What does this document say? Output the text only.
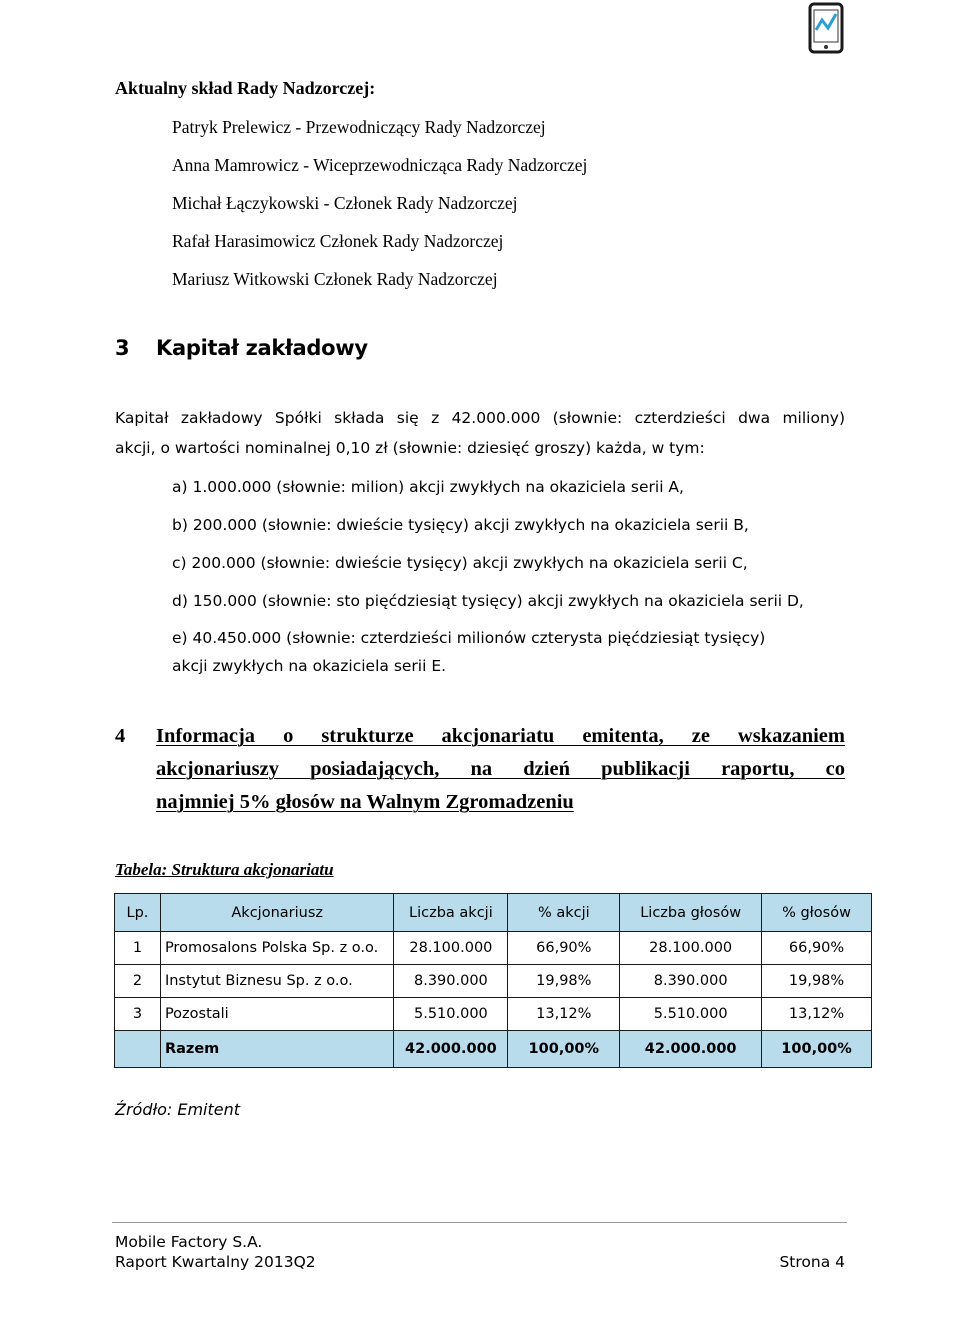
Aktualny skład Rady Nadzorczej:
Patryk Prelewicz - Przewodniczący Rady Nadzorczej
Anna Mamrowicz - Wiceprzewodnicząca Rady Nadzorczej
Michał Łączykowski - Członek Rady Nadzorczej
Rafał Harasimowicz Członek Rady Nadzorczej
Mariusz Witkowski Członek Rady Nadzorczej
3 Kapitał zakładowy
Kapitał zakładowy Spółki składa się z 42.000.000 (słownie: czterdzieści dwa miliony)
akcji, o wartości nominalnej 0,10 zł (słownie: dziesięć groszy) każda, w tym:
a) 1.000.000 (słownie: milion) akcji zwykłych na okaziciela serii A,
b) 200.000 (słownie: dwieście tysięcy) akcji zwykłych na okaziciela serii B,
c) 200.000 (słownie: dwieście tysięcy) akcji zwykłych na okaziciela serii C,
d) 150.000 (słownie: sto pięćdziesiąt tysięcy) akcji zwykłych na okaziciela serii D,
e) 40.450.000 (słownie: czterdzieści milionów czterysta pięćdziesiąt tysięcy)
akcji zwykłych na okaziciela serii E.
4 Informacja o strukturze akcjonariatu emitenta, ze wskazaniem
akcjonariuszy posiadających, na dzień publikacji raportu, co
najmniej 5% głosów na Walnym Zgromadzeniu
Tabela: Struktura akcjonariatu
Lp.	Akcjonariusz	Liczba akcji	% akcji	Liczba głosów	% głosów
1	Promosalons Polska Sp. z o.o.	28.100.000	66,90%	28.100.000	66,90%
2	Instytut Biznesu Sp. z o.o.	8.390.000	19,98%	8.390.000	19,98%
3	Pozostali	5.510.000	13,12%	5.510.000	13,12%
	Razem	42.000.000	100,00%	42.000.000	100,00%
Źródło: Emitent
Mobile Factory S.A.
Raport Kwartalny 2013Q2	Strona 4
